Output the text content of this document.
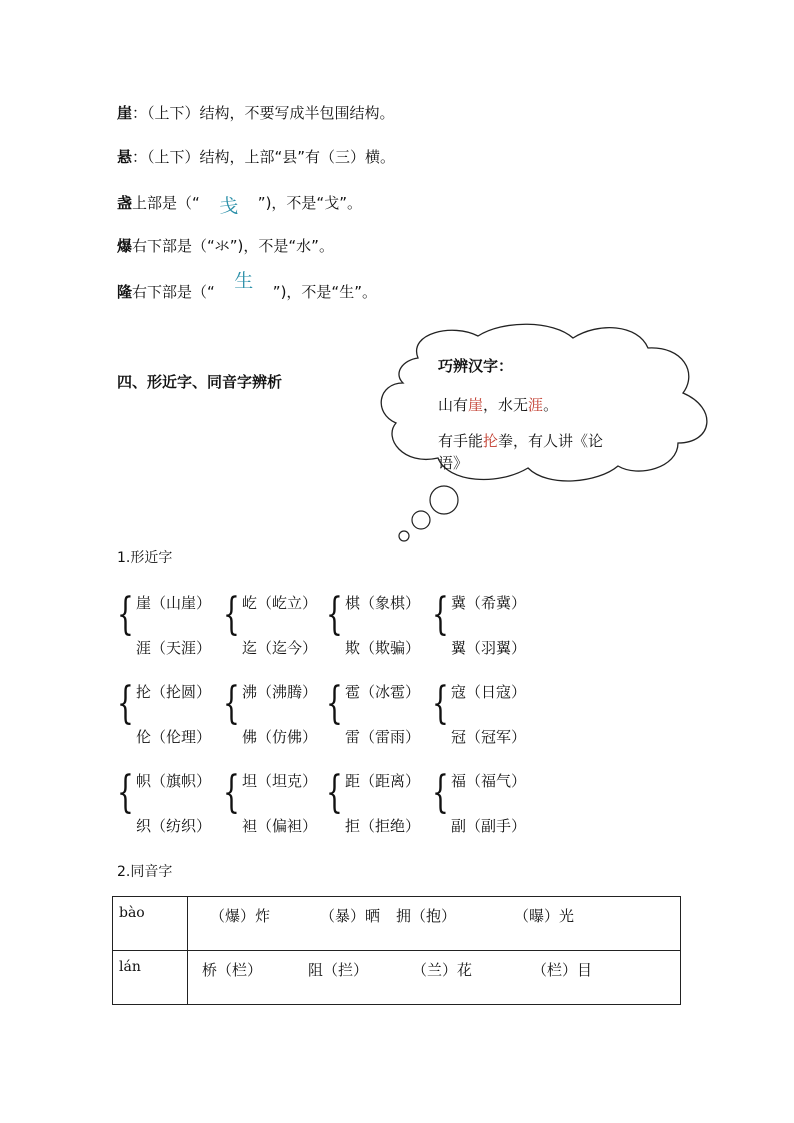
崖：（上下）结构，不要写成半包围结构。
悬：（上下）结构，上部“县”有（三）横。
盏上部是（“ 戋 ”)，不是“戈”。
爆右下部是（“氺”)，不是“水”。
隆右下部是（“ 生 ”)，不是“生”。
四、形近字、同音字辨析
巧辨汉字：
山有崖，水无涯。
有手能抡拳，有人讲《论
语》
1.形近字
{ 崖（山崖）
涯（天涯）
{ 屹（屹立）
迄（迄今）
{ 棋（象棋）
欺（欺骗）
{ 冀（希冀）
翼（羽翼）
{ 抡（抡圆）
伦（伦理）
{ 沸（沸腾）
佛（仿佛）
{ 雹（冰雹）
雷（雷雨）
{ 寇（日寇）
冠（冠军）
{ 帜（旗帜）
织（纺织）
{ 坦（坦克）
袒（偏袒）
{ 距（距离）
拒（拒绝）
{ 福（福气）
副（副手）
2.同音字
bào	（爆）炸 （暴）晒 拥（抱） （曝）光
lán	桥（栏） 阻（拦） （兰）花 （栏）目
